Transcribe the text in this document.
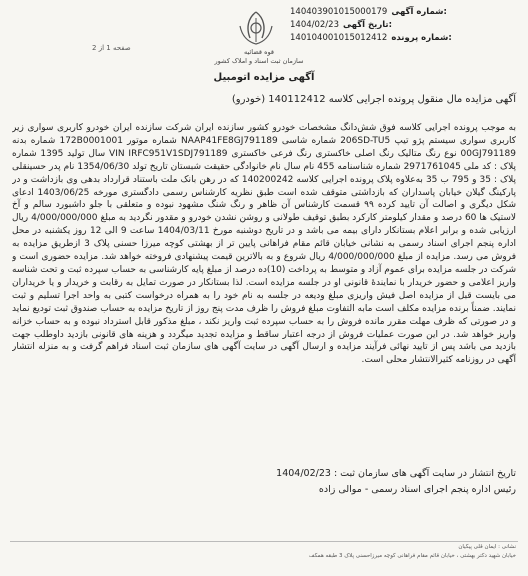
140403901015000179 شماره آگهی:
1404/02/23 تاریخ آگهی:
140104001015012412 شماره پرونده:
قوه قضائیه
سازمان ثبت اسناد و املاک کشور
صفحه 1 از 2
آگهی مزایده اتومبیل
آگهی مزایده مال منقول پرونده اجرایی کلاسه 140112412 (خودرو)
به موجب پرونده اجرایی کلاسه فوق شش‌دانگ مشخصات خودرو کشور سازنده ایران شرکت سازنده ایران خودرو کاربری سواری زیر کاربری سواری سیستم پژو تیپ 206SD-TU5 شماره شاسی NAAP41FE8GJ791189 شماره موتور 172B0001001 شماره بدنه 00GJ791189 نوع رنگ متالیک رنگ اصلی خاکستری رنگ فرعی خاکستری VIN IRFC951V1SDJ791189 سال تولید 1395 شماره پلاک : کد ملی 2971761045 شماره شناسنامه 455 نام سال نام خانوادگی حقیقت شبستان تاریخ تولد 1354/06/30 نام پدر حسینقلی پلاک : 35 و 795 ب 35 به‌علاوه پلاک پرونده اجرایی کلاسه 140200242 که در رهن بانک ملت باستناد قرارداد بدهی وی بازداشت و در پارکینگ گیلان خیابان پاسداران که بازداشتی متوقف شده است طبق نظریه کارشناس رسمی دادگستری مورخه 1403/06/25 ادعای شکل دیگری و اصالت آن تایید کرده ۹۹ قسمت کارشناس آن ظاهر و رنگ شنگ مشهود نبوده و متعلقی با جلو داشبورد سالم و آخ لاستیک ها 60 درصد و مقدار کیلومتر کارکرد بطبق توقیف طولانی و روشن نشدن خودرو و مقدور نگردید به مبلغ 4/000/000/000 ریال ارزیابی شده و برابر اعلام بستانکار دارای بیمه می باشد و در تاریخ دوشنبه مورخ 1404/03/11 ساعت 9 الی 12 روز یکشنبه در محل اداره پنجم اجرای اسناد رسمی به نشانی خیابان قائم مقام فراهانی پایین تر از بهشتی کوچه میرزا حسنی پلاک 3 ازطریق مزایده به فروش می رسد. مزایده از مبلغ 4/000/000/000 ریال شروع و به بالاترین قیمت پیشنهادی فروخته خواهد شد. مزایده حضوری است و شرکت در جلسه مزایده برای عموم آزاد و متوسط به پرداخت (10)ده درصد از مبلغ پایه کارشناسی به حساب سپرده ثبت و تحت شناسه واریز اعلامی و حضور خریدار با نمایندهٔ قانونی او در جلسه مزایده است. لذا بستانکار در صورت تمایل به رقابت و خریدار و یا خریداران می بایست قبل از مزایده اصل فیش واریزی مبلغ ودیعه در جلسه به نام خود را به همراه درخواست کتبی به واحد اجرا تسلیم و ثبت نمایند. ضمناً برنده مزایده مکلف است مابه التفاوت مبلغ فروش را ظرف مدت پنج روز از تاریخ مزایده به حساب صندوق ثبت تودیع نماید و در صورتی که ظرف مهلت مقرر مانده فروش را به حساب سپرده ثبت واریز نکند ، مبلغ مذکور قابل استرداد نبوده و به حساب خزانه واریز خواهد شد. در این صورت عملیات فروش از درجه اعتبار ساقط و مزایده تجدید میگردد و هزینه های قانونی بازدید داوطلب جهت بازدید می باشد پس از تایید نهائی فرآیند مزایده و ارسال آگهی در سایت آگهی های سازمان ثبت اسناد فراهم گرفت و به منزله انتشار آگهی در روزنامه کثیرالانتشار محلی است.
تاریخ انتشار در سایت آگهی های سازمان ثبت : 1404/02/23
رئیس اداره پنجم اجرای اسناد رسمی - موالی زاده
نشانی : ایمان قلی پیکیان
خیابان شهید دکتر بهشتی ، خیابان قائم مقام فراهانی کوچه میرزاحسنی پلاک 3 طبقه همکف
